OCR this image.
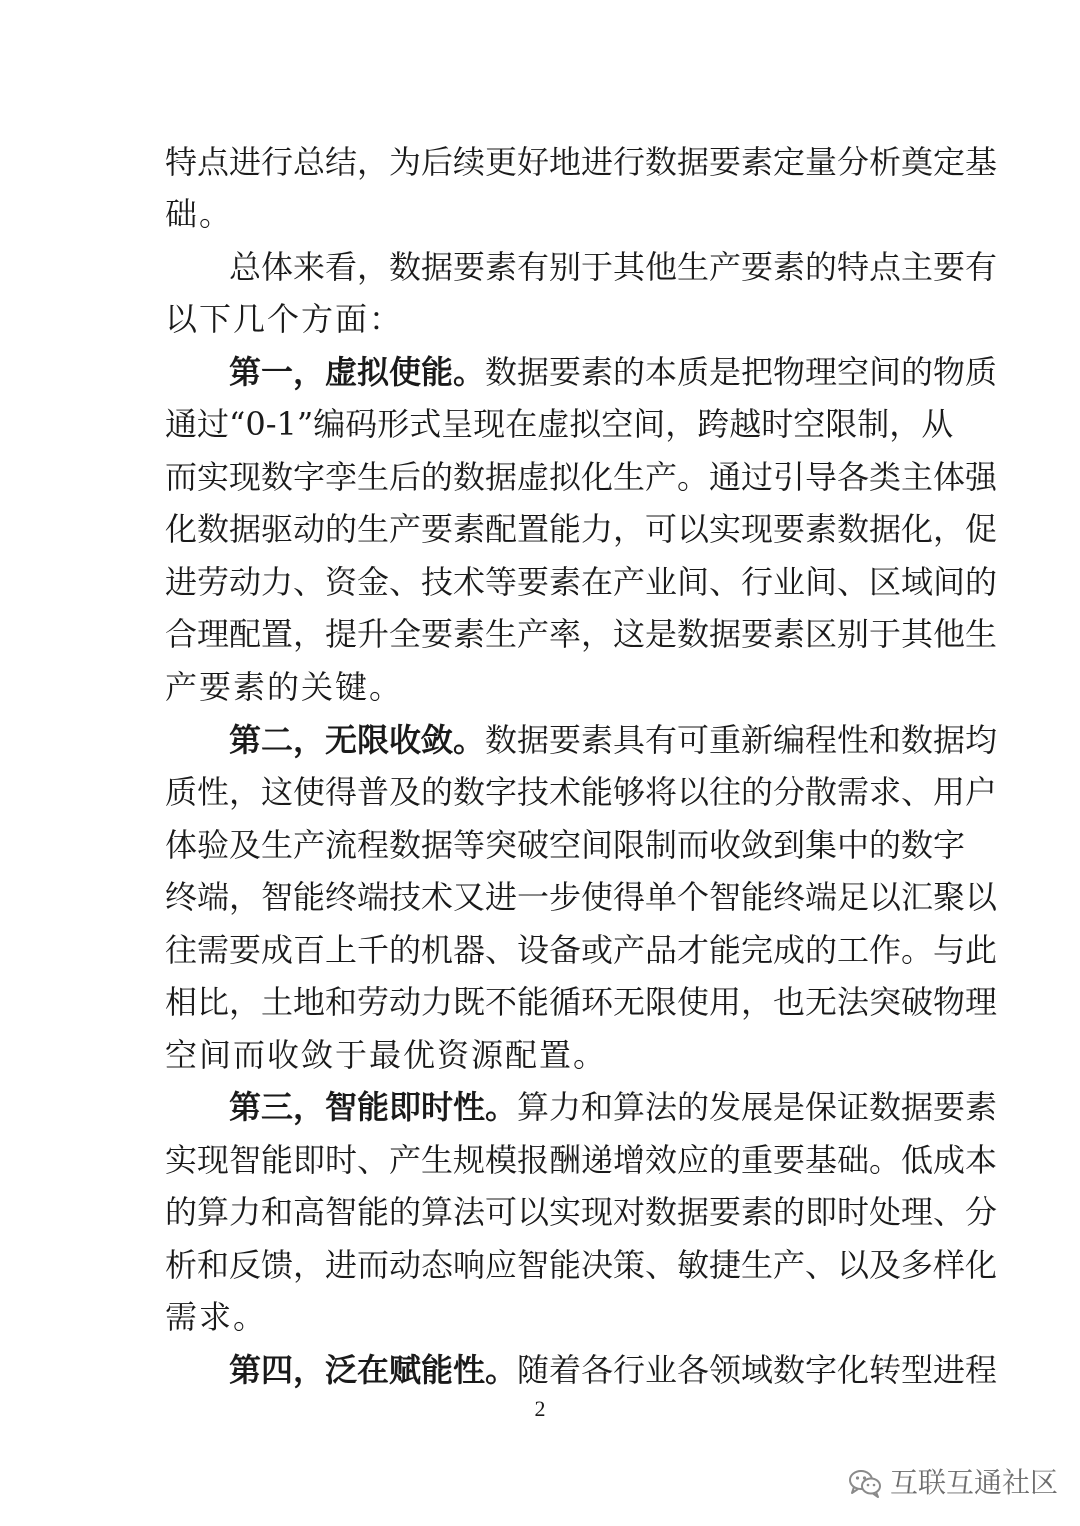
特点进行总结，为后续更好地进行数据要素定量分析奠定基
础。
总体来看，数据要素有别于其他生产要素的特点主要有
以下几个方面：
第一，虚拟使能。数据要素的本质是把物理空间的物质
通过“0-1”编码形式呈现在虚拟空间，跨越时空限制，从
而实现数字孪生后的数据虚拟化生产。通过引导各类主体强
化数据驱动的生产要素配置能力，可以实现要素数据化，促
进劳动力、资金、技术等要素在产业间、行业间、区域间的
合理配置，提升全要素生产率，这是数据要素区别于其他生
产要素的关键。
第二，无限收敛。数据要素具有可重新编程性和数据均
质性，这使得普及的数字技术能够将以往的分散需求、用户
体验及生产流程数据等突破空间限制而收敛到集中的数字
终端，智能终端技术又进一步使得单个智能终端足以汇聚以
往需要成百上千的机器、设备或产品才能完成的工作。与此
相比，土地和劳动力既不能循环无限使用，也无法突破物理
空间而收敛于最优资源配置。
第三，智能即时性。算力和算法的发展是保证数据要素
实现智能即时、产生规模报酬递增效应的重要基础。低成本
的算力和高智能的算法可以实现对数据要素的即时处理、分
析和反馈，进而动态响应智能决策、敏捷生产、以及多样化
需求。
第四，泛在赋能性。随着各行业各领域数字化转型进程
2
互联互通社区
